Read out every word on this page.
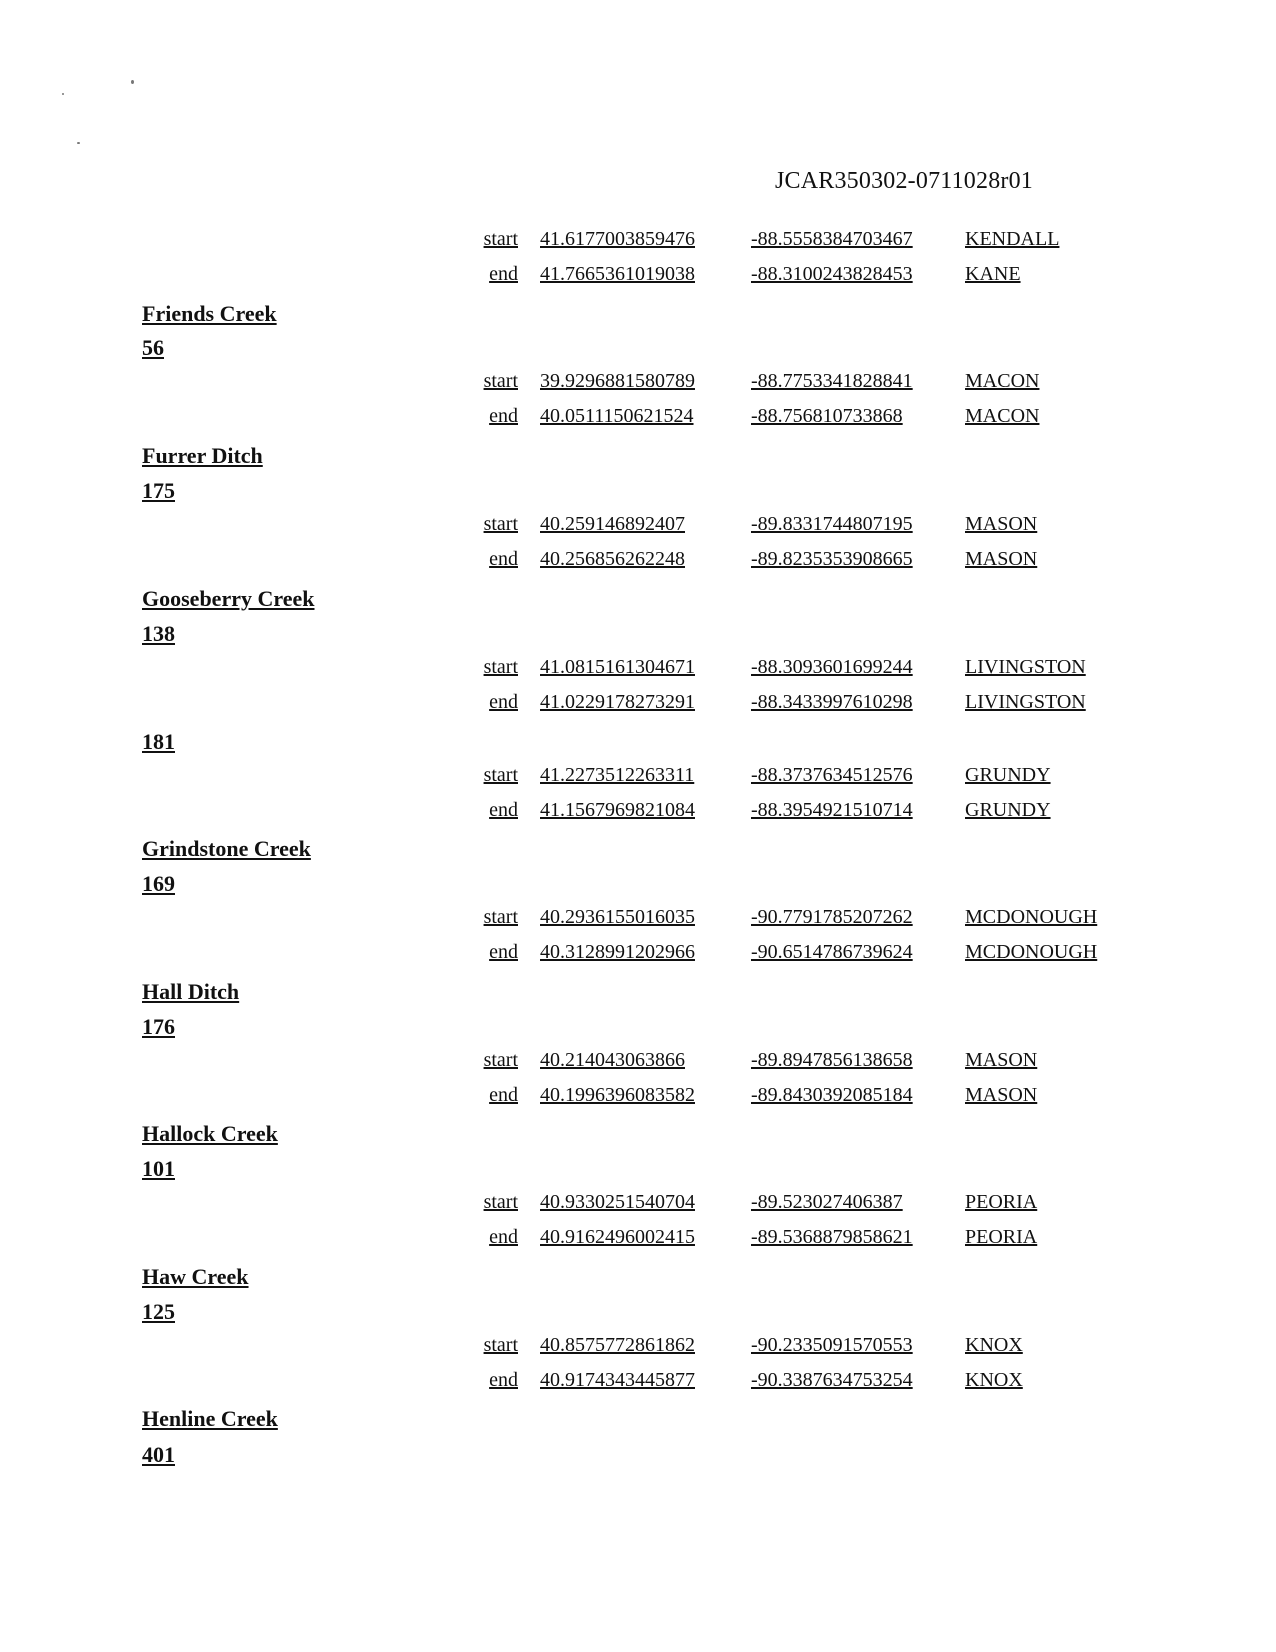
JCAR350302-0711028r01
start 41.6177003859476	-88.5558384703467	KENDALL
end 41.7665361019038	-88.3100243828453	KANE
Friends Creek
56
start 39.9296881580789	-88.7753341828841	MACON
end 40.0511150621524	-88.756810733868	MACON
Furrer Ditch
175
start 40.259146892407	-89.8331744807195	MASON
end 40.256856262248	-89.8235353908665	MASON
Gooseberry Creek
138
start 41.0815161304671	-88.3093601699244	LIVINGSTON
end 41.0229178273291	-88.3433997610298	LIVINGSTON
181
start 41.2273512263311	-88.3737634512576	GRUNDY
end 41.1567969821084	-88.3954921510714	GRUNDY
Grindstone Creek
169
start 40.2936155016035	-90.7791785207262	MCDONOUGH
end 40.3128991202966	-90.6514786739624	MCDONOUGH
Hall Ditch
176
start 40.214043063866	-89.8947856138658	MASON
end 40.1996396083582	-89.8430392085184	MASON
Hallock Creek
101
start 40.9330251540704	-89.523027406387	PEORIA
end 40.9162496002415	-89.5368879858621	PEORIA
Haw Creek
125
start 40.8575772861862	-90.2335091570553	KNOX
end 40.9174343445877	-90.3387634753254	KNOX
Henline Creek
401
